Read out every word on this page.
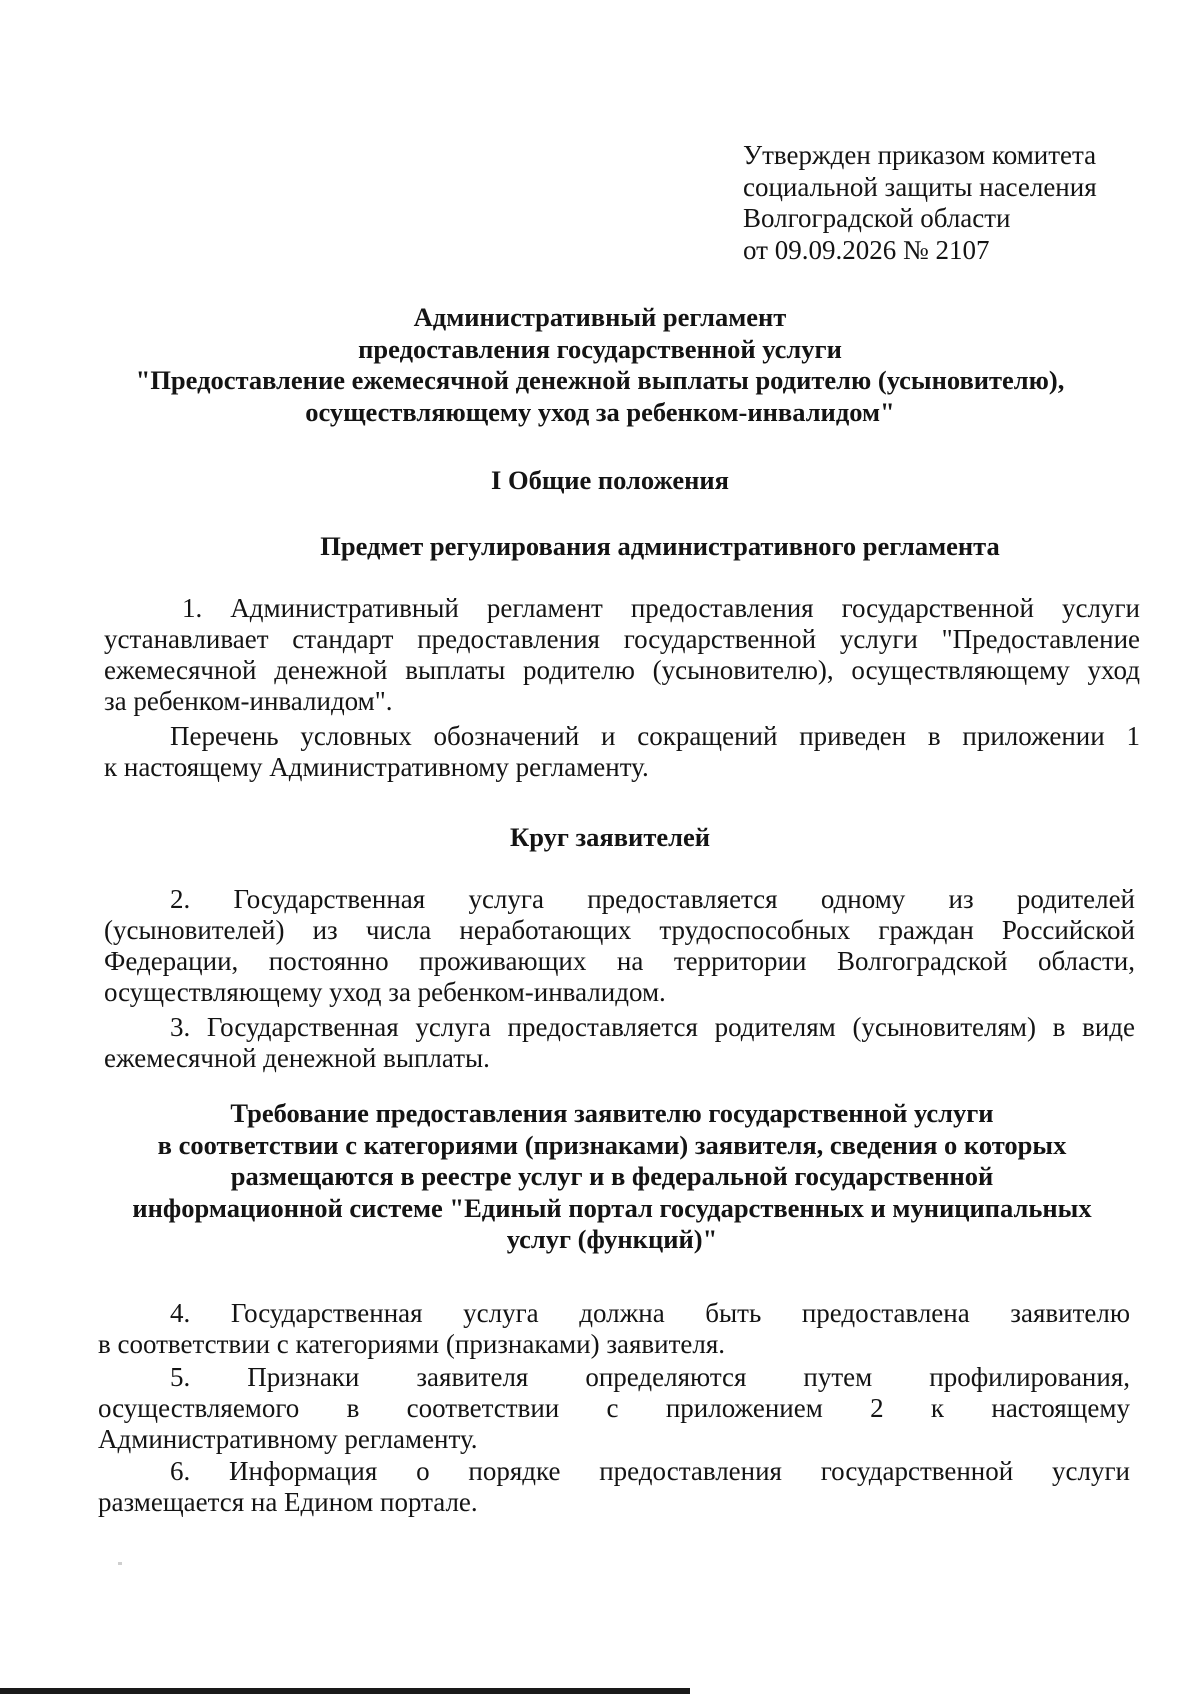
Утвержден приказом комитета
социальной защиты населения
Волгоградской области
от 09.09.2026 № 2107
Административный регламент
предоставления государственной услуги
"Предоставление ежемесячной денежной выплаты родителю (усыновителю),
осуществляющему уход за ребенком-инвалидом"
I Общие положения
Предмет регулирования административного регламента
1. Административный регламент предоставления государственной услуги
устанавливает стандарт предоставления государственной услуги "Предоставление
ежемесячной денежной выплаты родителю (усыновителю), осуществляющему уход
за ребенком-инвалидом".
Перечень условных обозначений и сокращений приведен в приложении 1
к настоящему Административному регламенту.
Круг заявителей
2. Государственная услуга предоставляется одному из родителей
(усыновителей) из числа неработающих трудоспособных граждан Российской
Федерации, постоянно проживающих на территории Волгоградской области,
осуществляющему уход за ребенком-инвалидом.
3. Государственная услуга предоставляется родителям (усыновителям) в виде
ежемесячной денежной выплаты.
Требование предоставления заявителю государственной услуги
в соответствии с категориями (признаками) заявителя, сведения о которых
размещаются в реестре услуг и в федеральной государственной
информационной системе "Единый портал государственных и муниципальных
услуг (функций)"
4. Государственная услуга должна быть предоставлена заявителю
в соответствии с категориями (признаками) заявителя.
5. Признаки заявителя определяются путем профилирования,
осуществляемого в соответствии с приложением 2 к настоящему
Административному регламенту.
6. Информация о порядке предоставления государственной услуги
размещается на Едином портале.
